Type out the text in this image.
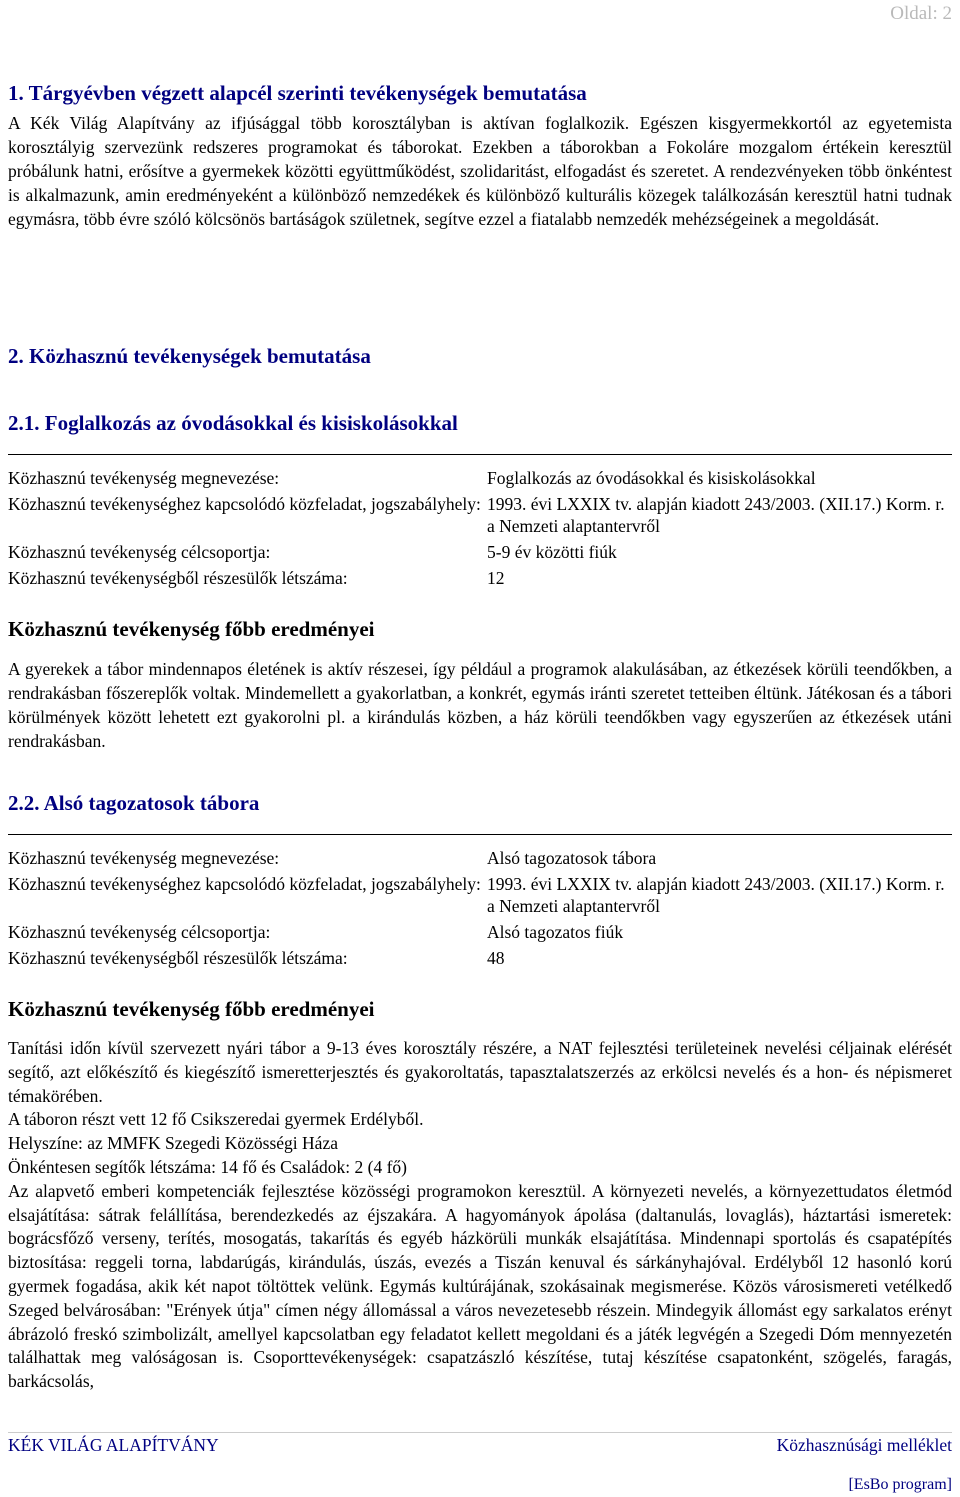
Oldal: 2
1. Tárgyévben végzett alapcél szerinti tevékenységek bemutatása

A Kék Világ Alapítvány az ifjúsággal több korosztályban is aktívan foglalkozik. Egészen kisgyermekkortól az egyetemista korosztályig szervezünk redszeres programokat és táborokat. Ezekben a táborokban a Fokoláre mozgalom értékein keresztül próbálunk hatni, erősítve a gyermekek közötti együttműködést, szolidaritást, elfogadást és szeretet. A rendezvényeken több önkéntest is alkalmazunk, amin eredményeként a különböző nemzedékek és különböző kulturális közegek találkozásán keresztül hatni tudnak egymásra, több évre szóló kölcsönös bartáságok születnek, segítve ezzel a fiatalabb nemzedék mehézségeinek a megoldását.

2. Közhasznú tevékenységek bemutatása
2.1. Foglalkozás az óvodásokkal és kisiskolásokkal
Közhasznú tevékenység megnevezése:	Foglalkozás az óvodásokkal és kisiskolásokkal
Közhasznú tevékenységhez kapcsolódó közfeladat, jogszabályhely:	1993. évi LXXIX tv. alapján kiadott 243/2003. (XII.17.) Korm. r. a Nemzeti alaptantervről
Közhasznú tevékenység célcsoportja:	5-9 év közötti fiúk
Közhasznú tevékenységből részesülők létszáma:	12
Közhasznú tevékenység főbb eredményei

A gyerekek a tábor mindennapos életének is aktív részesei, így például a programok alakulásában, az étkezések körüli teendőkben, a rendrakásban főszereplők voltak. Mindemellett a gyakorlatban, a konkrét, egymás iránti szeretet tetteiben éltünk. Játékosan és a tábori körülmények között lehetett ezt gyakorolni pl. a kirándulás közben, a ház körüli teendőkben vagy egyszerűen az étkezések utáni rendrakásban.

2.2. Alsó tagozatosok tábora
Közhasznú tevékenység megnevezése:	Alsó tagozatosok tábora
Közhasznú tevékenységhez kapcsolódó közfeladat, jogszabályhely:	1993. évi LXXIX tv. alapján kiadott 243/2003. (XII.17.) Korm. r. a Nemzeti alaptantervről
Közhasznú tevékenység célcsoportja:	Alsó tagozatos fiúk
Közhasznú tevékenységből részesülők létszáma:	48
Közhasznú tevékenység főbb eredményei

Tanítási időn kívül szervezett nyári tábor a 9-13 éves korosztály részére, a NAT fejlesztési területeinek nevelési céljainak elérését segítő, azt előkészítő és kiegészítő ismeretterjesztés és gyakoroltatás, tapasztalatszerzés az erkölcsi nevelés és a hon- és népismeret témakörében.

A táboron részt vett 12 fő Csikszeredai gyermek Erdélyből.

Helyszíne: az MMFK Szegedi Közösségi Háza

Önkéntesen segítők létszáma: 14 fő és Családok: 2 (4 fő)

Az alapvető emberi kompetenciák fejlesztése közösségi programokon keresztül. A környezeti nevelés, a környezettudatos életmód elsajátítása: sátrak felállítása, berendezkedés az éjszakára. A hagyományok ápolása (daltanulás, lovaglás), háztartási ismeretek: bográcsfőző verseny, terítés, mosogatás, takarítás és egyéb házkörüli munkák elsajátítása. Mindennapi sportolás és csapatépítés biztosítása: reggeli torna, labdarúgás, kirándulás, úszás, evezés a Tiszán kenuval és sárkányhajóval. Erdélyből 12 hasonló korú gyermek fogadása, akik két napot töltöttek velünk. Egymás kultúrájának, szokásainak megismerése. Közös városismereti vetélkedő Szeged belvárosában: "Erények útja" címen négy állomással a város nevezetesebb részein. Mindegyik állomást egy sarkalatos erényt ábrázoló freskó szimbolizált, amellyel kapcsolatban egy feladatot kellett megoldani és a játék legvégén a Szegedi Dóm mennyezetén találhattak meg valóságosan is. Csoporttevékenységek: csapatzászló készítése, tutaj készítése csapatonként, szögelés, faragás, barkácsolás,

KÉK VILÁG ALAPÍTVÁNY	Közhasznúsági melléklet
[EsBo program]
